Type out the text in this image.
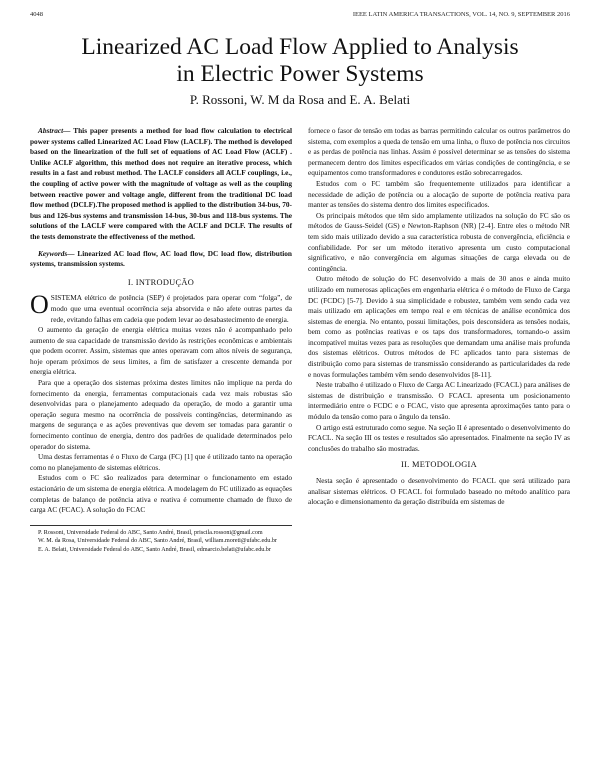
4048	IEEE LATIN AMERICA TRANSACTIONS, VOL. 14, NO. 9, SEPTEMBER 2016
Linearized AC Load Flow Applied to Analysis
in Electric Power Systems
P. Rossoni, W. M da Rosa and E. A. Belati

Abstract— This paper presents a method for load flow calculation to electrical power systems called Linearized AC Load Flow (LACLF). The method is developed based on the linearization of the full set of equations of AC Load Flow (ACLF) . Unlike ACLF algorithm, this method does not require an iterative process, which results in a fast and robust method. The LACLF considers all ACLF couplings, i.e., the coupling of active power with the magnitude of voltage as well as the coupling between reactive power and voltage angle, different from the traditional DC load flow method (DCLF).The proposed method is applied to the distribution 34-bus, 70-bus and 126-bus systems and transmission 14-bus, 30-bus and 118-bus systems. The solutions of the LACLF were compared with the ACLF and DCLF. The results of the tests demonstrate the effectiveness of the method.

Keywords— Linearized AC load flow, AC load flow, DC load flow, distribution systems, transmission systems.

I. INTRODUÇÃO

OSISTEMA elétrico de potência (SEP) é projetados para operar com “folga”, de modo que uma eventual ocorrência seja absorvida e não afete outras partes da rede, evitando falhas em cadeia que podem levar ao desabastecimento de energia.

O aumento da geração de energia elétrica muitas vezes não é acompanhado pelo aumento de sua capacidade de transmissão devido às restrições econômicas e ambientais que podem ocorrer. Assim, sistemas que antes operavam com altos níveis de segurança, hoje operam próximos de seus limites, a fim de satisfazer a crescente demanda por energia elétrica.

Para que a operação dos sistemas próxima destes limites não implique na perda do fornecimento da energia, ferramentas computacionais cada vez mais robustas são desenvolvidas para o planejamento adequado da operação, de modo a garantir uma operação segura mesmo na ocorrência de possíveis contingências, determinando as margens de segurança e as ações preventivas que devem ser tomadas para garantir o fornecimento contínuo de energia, dentro dos padrões de qualidade determinados pelo operador do sistema.

Uma destas ferramentas é o Fluxo de Carga (FC) [1] que é utilizado tanto na operação como no planejamento de sistemas elétricos.

Estudos com o FC são realizados para determinar o funcionamento em estado estacionário de um sistema de energia elétrica. A modelagem do FC utilizado as equações completas de balanço de potência ativa e reativa é comumente chamado de fluxo de carga AC (FCAC). A solução do FCAC

P. Rossoni, Universidade Federal do ABC, Santo André, Brasil, priscila.rossoni@gmail.com

W. M. da Rosa, Universidade Federal do ABC, Santo André, Brasil, william.moreti@ufabc.edu.br

E. A. Belati, Universidade Federal do ABC, Santo André, Brasil, edmarcio.belati@ufabc.edu.br

fornece o fasor de tensão em todas as barras permitindo calcular os outros parâmetros do sistema, com exemplos a queda de tensão em uma linha, o fluxo de potência nos circuitos e as perdas de potência nas linhas. Assim é possível determinar se as tensões do sistema permanecem dentro dos limites especificados em várias condições de contingência, e se equipamentos como transformadores e condutores estão sobrecarregados.

Estudos com o FC também são frequentemente utilizados para identificar a necessidade de adição de potência ou a alocação de suporte de potência reativa para manter as tensões do sistema dentro dos limites especificados.

Os principais métodos que têm sido amplamente utilizados na solução do FC são os métodos de Gauss-Seidel (GS) e Newton-Raphson (NR) [2-4]. Entre eles o método NR tem sido mais utilizado devido a sua característica robusta de convergência, eficiência e confiabilidade. Por ser um método iterativo apresenta um custo computacional significativo, e não convergência em algumas situações de carga elevada ou de contingência.

Outro método de solução do FC desenvolvido a mais de 30 anos e ainda muito utilizado em numerosas aplicações em engenharia elétrica é o método de Fluxo de Carga DC (FCDC) [5-7]. Devido à sua simplicidade e robustez, também vem sendo cada vez mais utilizado em aplicações em tempo real e em técnicas de análise econômica dos sistemas de energia. No entanto, possui limitações, pois desconsidera as tensões nodais, bem como as potências reativas e os taps dos transformadores, tornando-o assim incompatível muitas vezes para as resoluções que demandam uma análise mais profunda dos sistemas elétricos. Outros métodos de FC aplicados tanto para sistemas de distribuição como para sistemas de transmissão considerando as particularidades da rede e novas formulações também vêm sendo desenvolvidos [8-11].

Neste trabalho é utilizado o Fluxo de Carga AC Linearizado (FCACL) para análises de sistemas de distribuição e transmissão. O FCACL apresenta um posicionamento intermediário entre o FCDC e o FCAC, visto que apresenta aproximações tanto para o módulo da tensão como para o ângulo da tensão.

O artigo está estruturado como segue. Na seção II é apresentado o desenvolvimento do FCACL. Na seção III os testes e resultados são apresentados. Finalmente na seção IV as conclusões do trabalho são mostradas.

II. METODOLOGIA

Nesta seção é apresentado o desenvolvimento do FCACL que será utilizado para analisar sistemas elétricos. O FCACL foi formulado baseado no método analítico para alocação e dimensionamento da geração distribuída em sistemas de
